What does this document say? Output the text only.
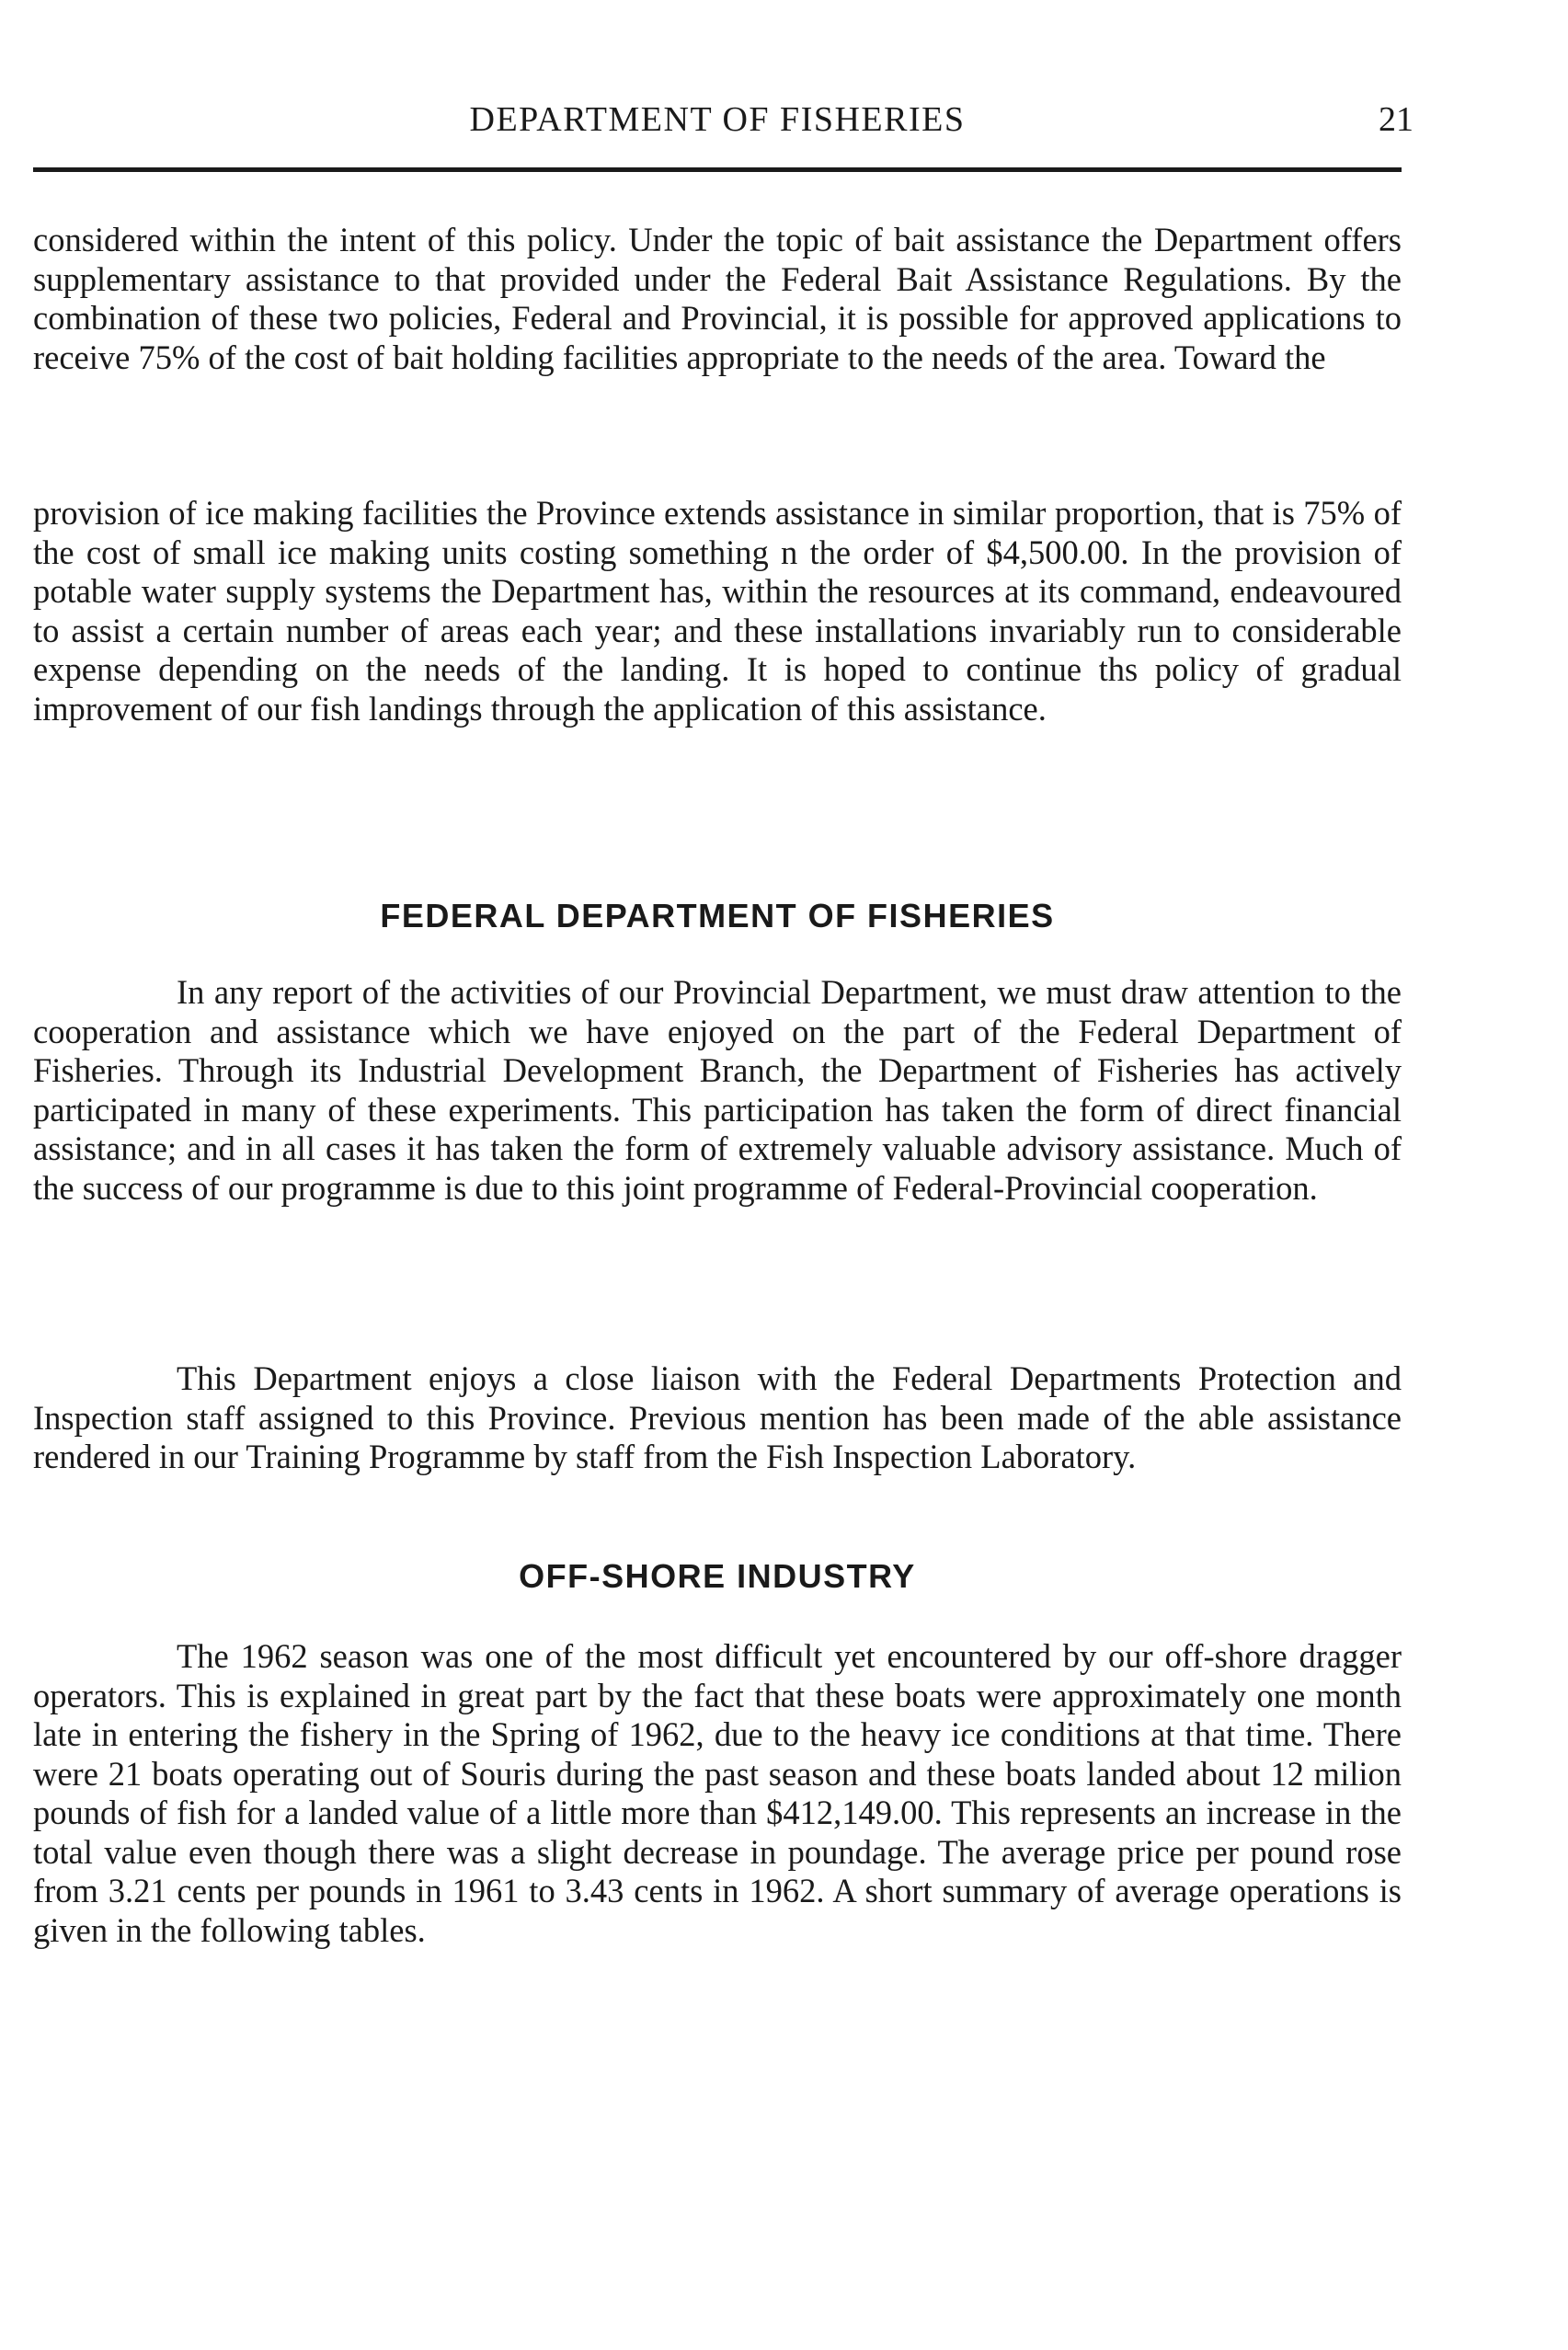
DEPARTMENT OF FISHERIES	21

considered within the intent of this policy. Under the topic of bait assistance the Department offers supplementary assistance to that provided under the Federal Bait Assistance Regulations. By the combination of these two policies, Federal and Provincial, it is possible for approved applications to receive 75% of the cost of bait holding facilities appropriate to the needs of the area. Toward the

provision of ice making facilities the Province extends assistance in similar proportion, that is 75% of the cost of small ice making units costing something n the order of $4,500.00. In the provision of potable water supply systems the Department has, within the resources at its command, endeavoured to assist a certain number of areas each year; and these installations invariably run to considerable expense depending on the needs of the landing. It is hoped to continue ths policy of gradual improvement of our fish landings through the application of this assistance.

FEDERAL DEPARTMENT OF FISHERIES

In any report of the activities of our Provincial Department, we must draw attention to the cooperation and assistance which we have enjoyed on the part of the Federal Department of Fisheries. Through its Industrial Development Branch, the Department of Fisheries has actively participated in many of these experiments. This participation has taken the form of direct financial assistance; and in all cases it has taken the form of extremely valuable advisory assistance. Much of the success of our programme is due to this joint programme of Federal-Provincial cooperation.

This Department enjoys a close liaison with the Federal Departments Protection and Inspection staff assigned to this Province. Previous mention has been made of the able assistance rendered in our Training Programme by staff from the Fish Inspection Laboratory.

OFF-SHORE INDUSTRY

The 1962 season was one of the most difficult yet encountered by our off-shore dragger operators. This is explained in great part by the fact that these boats were approximately one month late in entering the fishery in the Spring of 1962, due to the heavy ice conditions at that time. There were 21 boats operating out of Souris during the past season and these boats landed about 12 milion pounds of fish for a landed value of a little more than $412,149.00. This represents an increase in the total value even though there was a slight decrease in poundage. The average price per pound rose from 3.21 cents per pounds in 1961 to 3.43 cents in 1962. A short summary of average operations is given in the following tables.
